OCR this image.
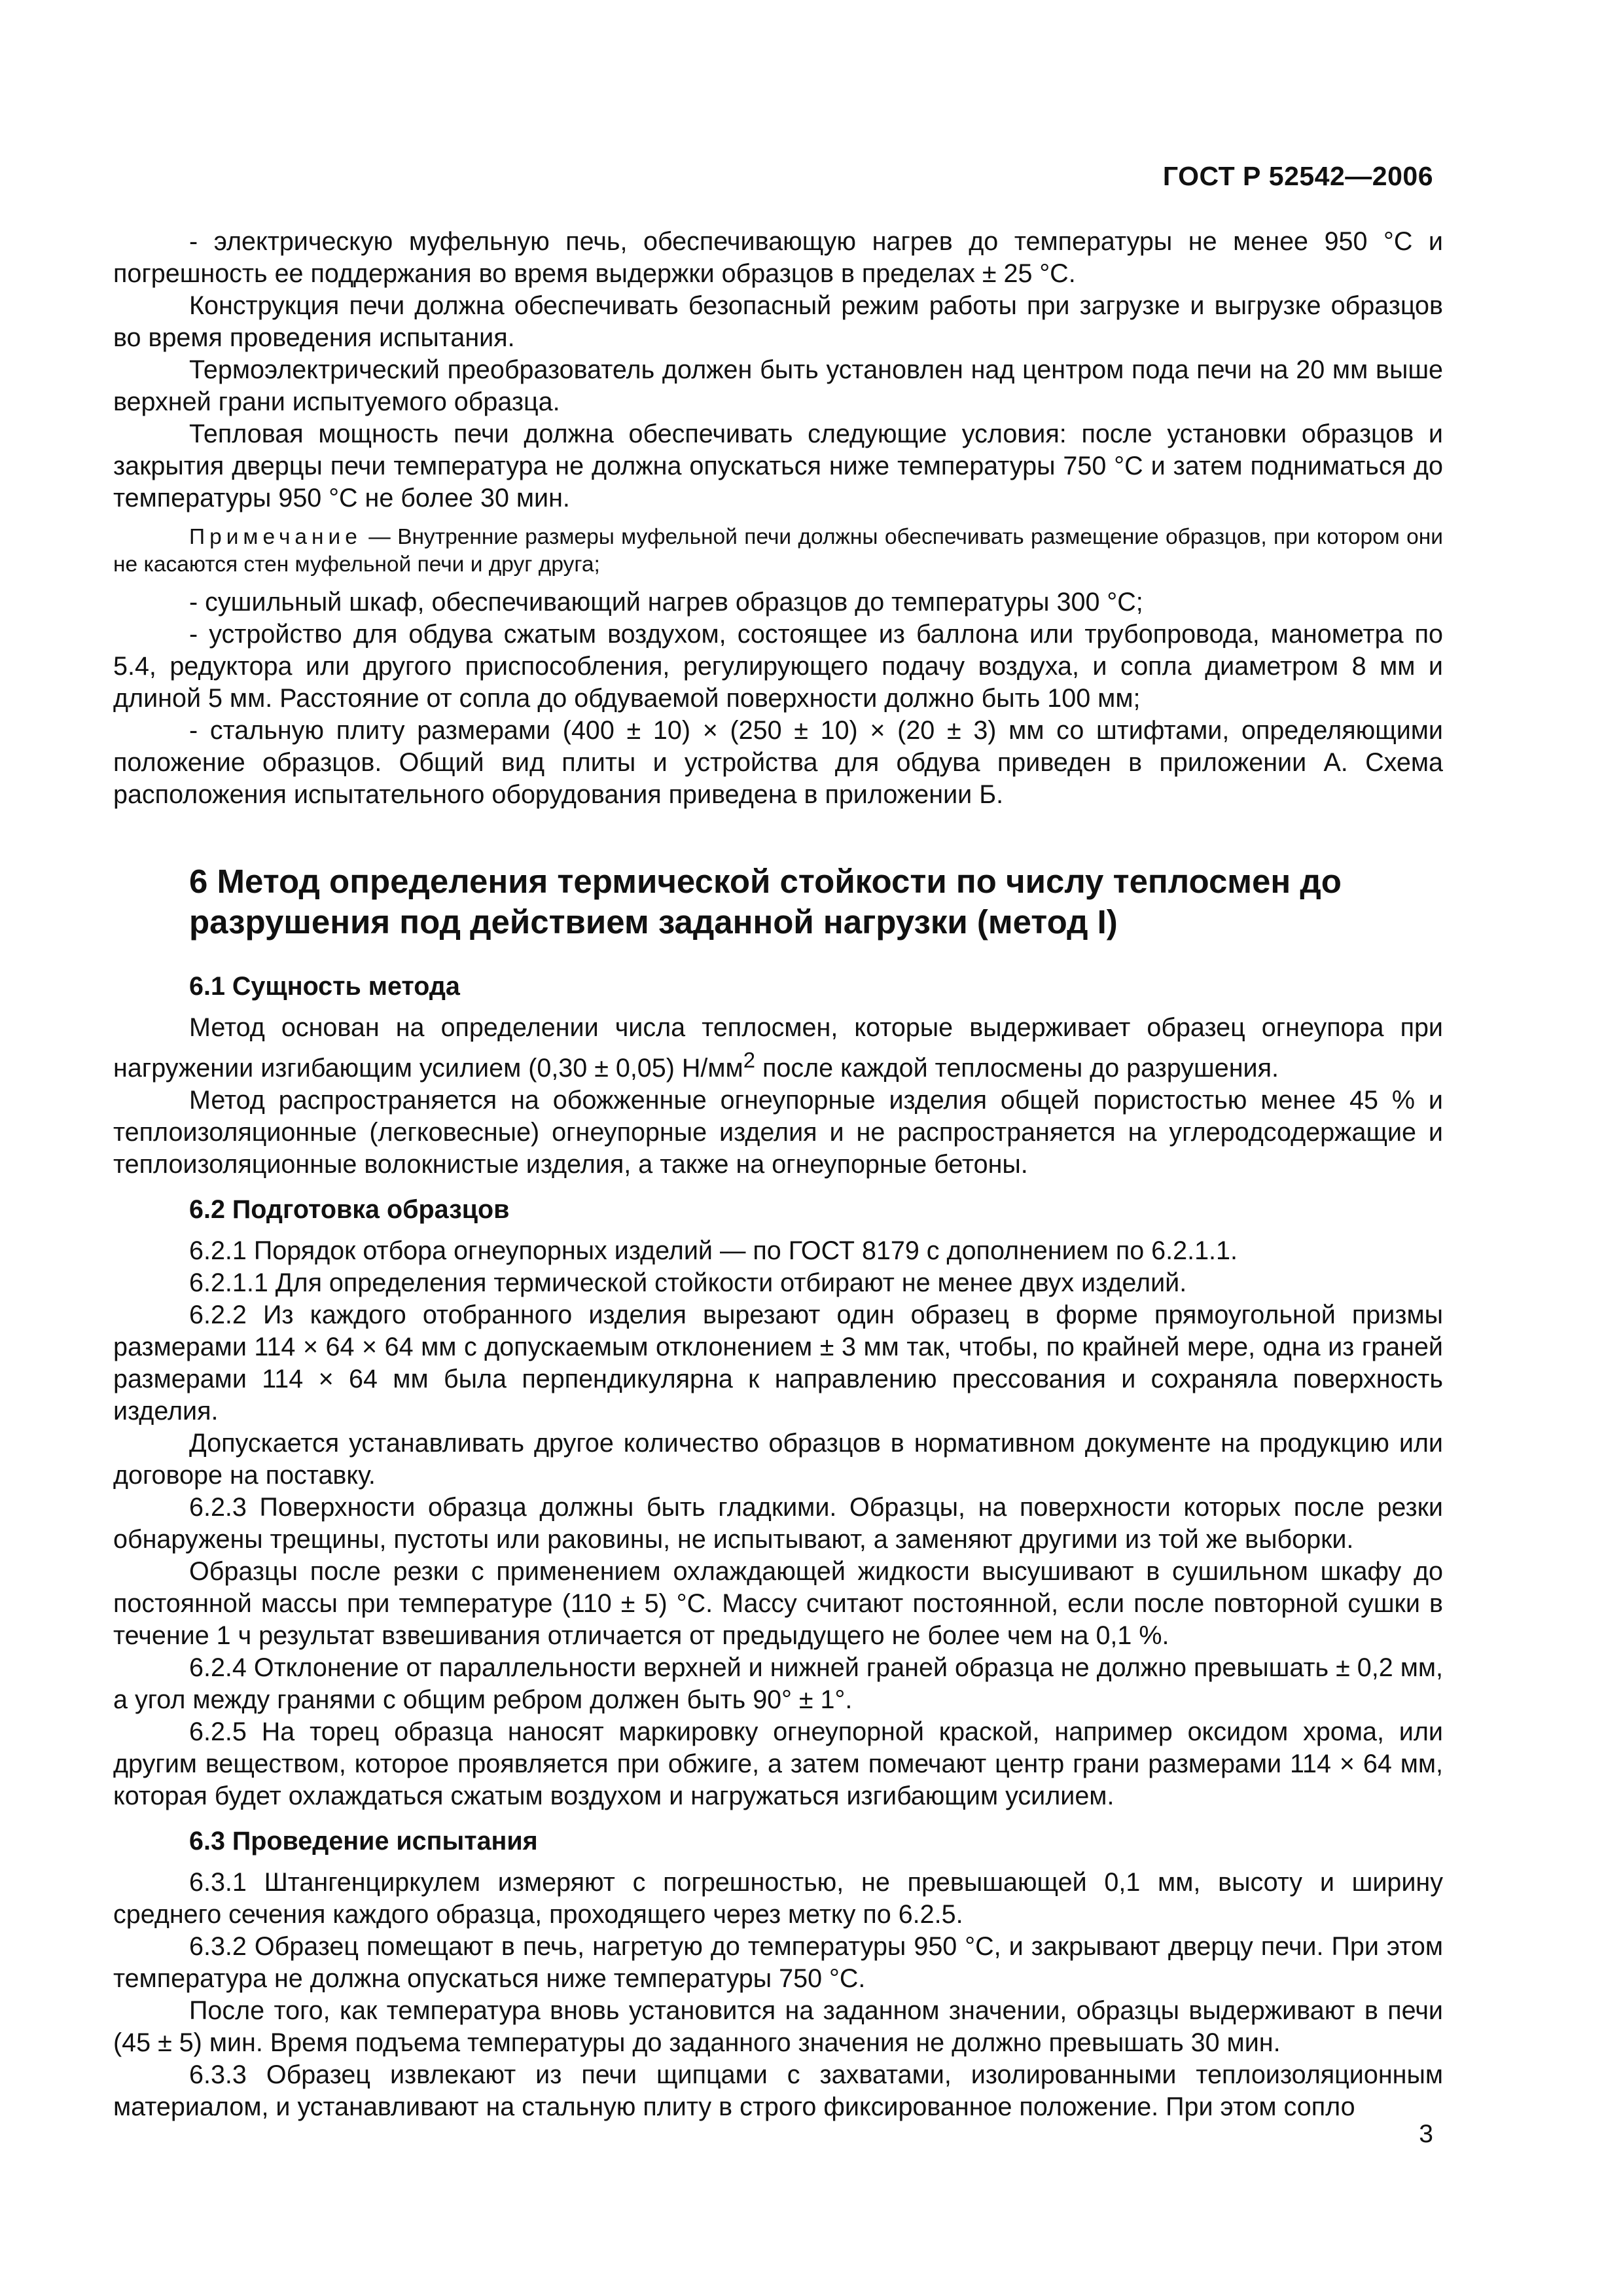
ГОСТ Р 52542—2006

- электрическую муфельную печь, обеспечивающую нагрев до температуры не менее 950 °С и погрешность ее поддержания во время выдержки образцов в пределах ± 25 °С.

Конструкция печи должна обеспечивать безопасный режим работы при загрузке и выгрузке образцов во время проведения испытания.

Термоэлектрический преобразователь должен быть установлен над центром пода печи на 20 мм выше верхней грани испытуемого образца.

Тепловая мощность печи должна обеспечивать следующие условия: после установки образцов и закрытия дверцы печи температура не должна опускаться ниже температуры 750 °С и затем подниматься до температуры 950 °С не более 30 мин.

Примечание — Внутренние размеры муфельной печи должны обеспечивать размещение образцов, при котором они не касаются стен муфельной печи и друг друга;

- сушильный шкаф, обеспечивающий нагрев образцов до температуры 300 °С;

- устройство для обдува сжатым воздухом, состоящее из баллона или трубопровода, манометра по 5.4, редуктора или другого приспособления, регулирующего подачу воздуха, и сопла диаметром 8 мм и длиной 5 мм. Расстояние от сопла до обдуваемой поверхности должно быть 100 мм;

- стальную плиту размерами (400 ± 10) × (250 ± 10) × (20 ± 3) мм со штифтами, определяющими положение образцов. Общий вид плиты и устройства для обдува приведен в приложении А. Схема расположения испытательного оборудования приведена в приложении Б.

6 Метод определения термической стойкости по числу теплосмен до разрушения под действием заданной нагрузки (метод I)
6.1 Сущность метода

Метод основан на определении числа теплосмен, которые выдерживает образец огнеупора при нагружении изгибающим усилием (0,30 ± 0,05) $Н/мм^2$ после каждой теплосмены до разрушения.

Метод распространяется на обожженные огнеупорные изделия общей пористостью менее 45 % и теплоизоляционные (легковесные) огнеупорные изделия и не распространяется на углеродсодержащие и теплоизоляционные волокнистые изделия, а также на огнеупорные бетоны.

6.2 Подготовка образцов

6.2.1 Порядок отбора огнеупорных изделий — по ГОСТ 8179 с дополнением по 6.2.1.1.

6.2.1.1 Для определения термической стойкости отбирают не менее двух изделий.

6.2.2 Из каждого отобранного изделия вырезают один образец в форме прямоугольной призмы размерами 114 × 64 × 64 мм с допускаемым отклонением ± 3 мм так, чтобы, по крайней мере, одна из граней размерами 114 × 64 мм была перпендикулярна к направлению прессования и сохраняла поверхность изделия.

Допускается устанавливать другое количество образцов в нормативном документе на продукцию или договоре на поставку.

6.2.3 Поверхности образца должны быть гладкими. Образцы, на поверхности которых после резки обнаружены трещины, пустоты или раковины, не испытывают, а заменяют другими из той же выборки.

Образцы после резки с применением охлаждающей жидкости высушивают в сушильном шкафу до постоянной массы при температуре (110 ± 5) °С. Массу считают постоянной, если после повторной сушки в течение 1 ч результат взвешивания отличается от предыдущего не более чем на 0,1 %.

6.2.4 Отклонение от параллельности верхней и нижней граней образца не должно превышать ± 0,2 мм, а угол между гранями с общим ребром должен быть 90° ± 1°.

6.2.5 На торец образца наносят маркировку огнеупорной краской, например оксидом хрома, или другим веществом, которое проявляется при обжиге, а затем помечают центр грани размерами 114 × 64 мм, которая будет охлаждаться сжатым воздухом и нагружаться изгибающим усилием.

6.3 Проведение испытания

6.3.1 Штангенциркулем измеряют с погрешностью, не превышающей 0,1 мм, высоту и ширину среднего сечения каждого образца, проходящего через метку по 6.2.5.

6.3.2 Образец помещают в печь, нагретую до температуры 950 °С, и закрывают дверцу печи. При этом температура не должна опускаться ниже температуры 750 °С.

После того, как температура вновь установится на заданном значении, образцы выдерживают в печи (45 ± 5) мин. Время подъема температуры до заданного значения не должно превышать 30 мин.

6.3.3 Образец извлекают из печи щипцами с захватами, изолированными теплоизоляционным материалом, и устанавливают на стальную плиту в строго фиксированное положение. При этом сопло

3
